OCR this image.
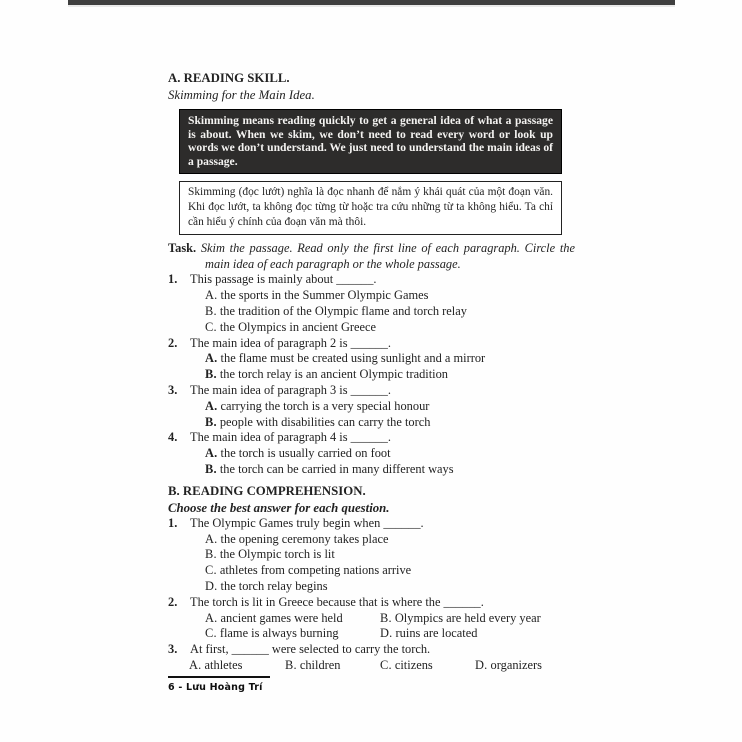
A. READING SKILL.
Skimming for the Main Idea.
Skimming means reading quickly to get a general idea of what a passage is about. When we skim, we don’t need to read every word or look up words we don’t understand. We just need to understand the main ideas of a passage.
Skimming (đọc lướt) nghĩa là đọc nhanh để nắm ý khái quát của một đoạn văn. Khi đọc lướt, ta không đọc từng từ hoặc tra cứu những từ ta không hiểu. Ta chỉ cần hiểu ý chính của đoạn văn mà thôi.
Task. Skim the passage. Read only the first line of each paragraph. Circle the main idea of each paragraph or the whole passage.
1. This passage is mainly about ______.
A. the sports in the Summer Olympic Games
B. the tradition of the Olympic flame and torch relay
C. the Olympics in ancient Greece
2. The main idea of paragraph 2 is ______.
A. the flame must be created using sunlight and a mirror
B. the torch relay is an ancient Olympic tradition
3. The main idea of paragraph 3 is ______.
A. carrying the torch is a very special honour
B. people with disabilities can carry the torch
4. The main idea of paragraph 4 is ______.
A. the torch is usually carried on foot
B. the torch can be carried in many different ways
B. READING COMPREHENSION.
Choose the best answer for each question.
1. The Olympic Games truly begin when ______.
A. the opening ceremony takes place
B. the Olympic torch is lit
C. athletes from competing nations arrive
D. the torch relay begins
2. The torch is lit in Greece because that is where the ______.
A. ancient games were held	B. Olympics are held every year
C. flame is always burning	D. ruins are located
3. At first, ______ were selected to carry the torch.
A. athletes	B. children	C. citizens	D. organizers
6 - Lưu Hoàng Trí
